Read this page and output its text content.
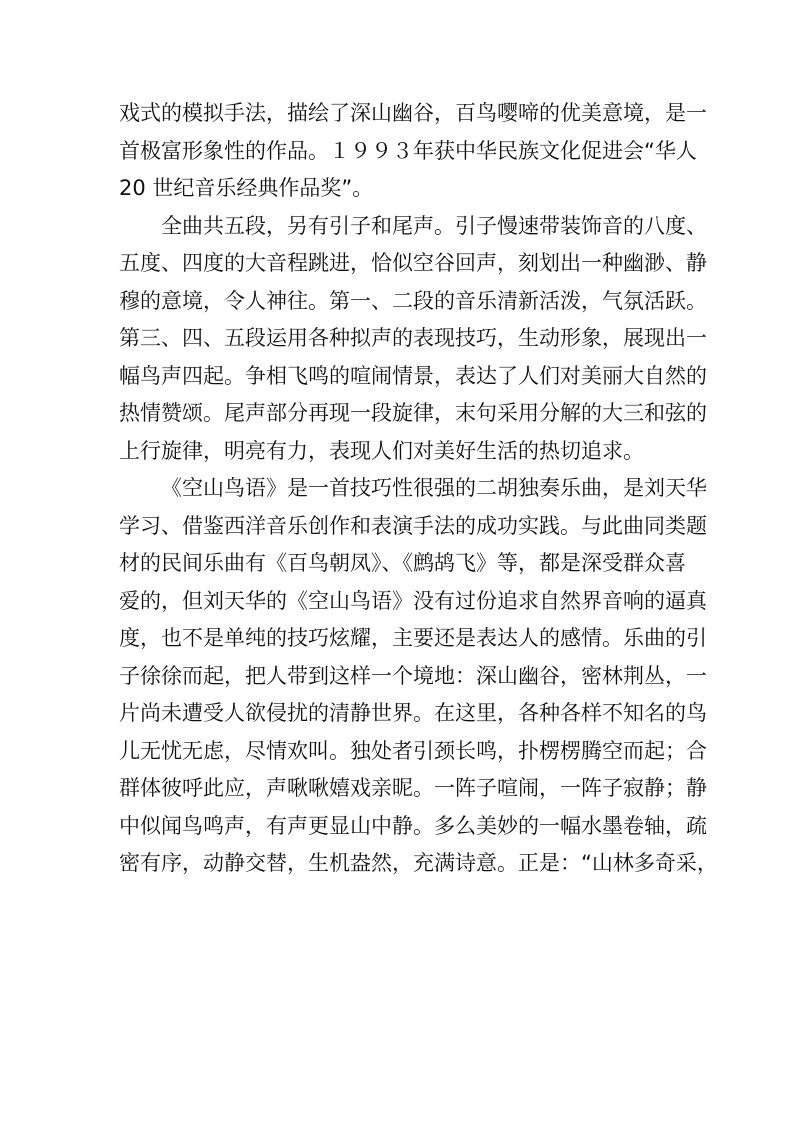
戏式的模拟手法，描绘了深山幽谷，百鸟嘤啼的优美意境，是一
首极富形象性的作品。１９９３年获中华民族文化促进会“华人
20 世纪音乐经典作品奖”。
全曲共五段，另有引子和尾声。引子慢速带装饰音的八度、
五度、四度的大音程跳进，恰似空谷回声，刻划出一种幽渺、静
穆的意境，令人神往。第一、二段的音乐清新活泼，气氛活跃。
第三、四、五段运用各种拟声的表现技巧，生动形象，展现出一
幅鸟声四起。争相飞鸣的喧闹情景，表达了人们对美丽大自然的
热情赞颂。尾声部分再现一段旋律，末句采用分解的大三和弦的
上行旋律，明亮有力，表现人们对美好生活的热切追求。
《空山鸟语》是一首技巧性很强的二胡独奏乐曲，是刘天华
学习、借鉴西洋音乐创作和表演手法的成功实践。与此曲同类题
材的民间乐曲有《百鸟朝凤》、《鹧鸪飞》等，都是深受群众喜
爱的，但刘天华的《空山鸟语》没有过份追求自然界音响的逼真
度，也不是单纯的技巧炫耀，主要还是表达人的感情。乐曲的引
子徐徐而起，把人带到这样一个境地：深山幽谷，密林荆丛，一
片尚未遭受人欲侵扰的清静世界。在这里，各种各样不知名的鸟
儿无忧无虑，尽情欢叫。独处者引颈长鸣，扑楞楞腾空而起；合
群体彼呼此应，声啾啾嬉戏亲昵。一阵子喧闹，一阵子寂静；静
中似闻鸟鸣声，有声更显山中静。多么美妙的一幅水墨卷轴，疏
密有序，动静交替，生机盎然，充满诗意。正是：“山林多奇采，
